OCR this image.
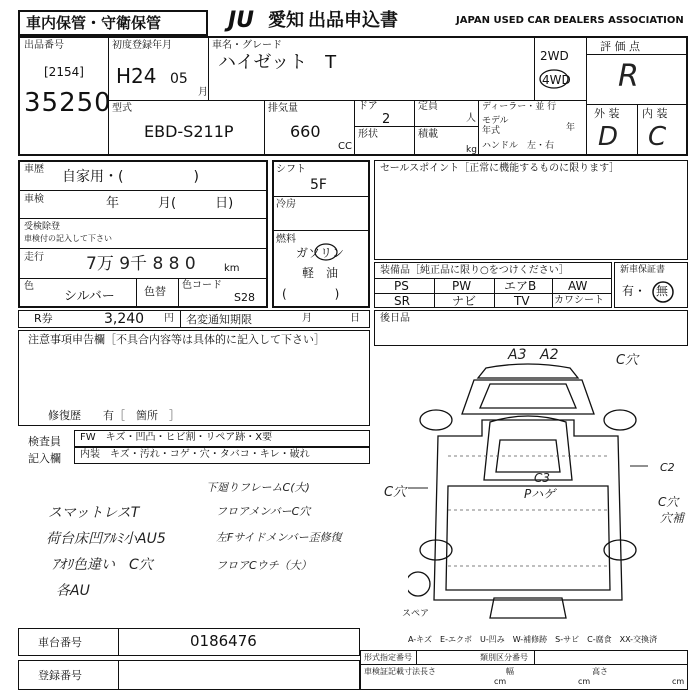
車内保管・守衛保管	JU 愛知 出品申込書	JAPAN USED CAR DEALERS ASSOCIATION
出品番号
[2154]
35250
初度登録年月
H24 05
月
車名・グレード
ハイゼット　T	2WD
4WD
評 価 点
R
外 装 内 装
D C
型式
EBD-S211P
排気量
660
CC
ドア
2
形状
定員
人
積載
kg
ディーラー・並 行
モデル
年式	年
ハンドル　左・右
車歴 自家用・(　　　　　)
車検	年　　　月(　　　日)
受検除登
車検付の記入して下さい
走行 7万 9千 8 8 0	km
色
シルバー	色替 色コード
S28
シフト
5F
冷房
燃料
ガソリン
軽　油
(　　　　)
セールスポイント［正常に機能するものに限ります］
装備品［純正品に限り○をつけください］
PS	PW	エアB	AW
SR	ナビ	TV カワシート
新車保証書
有・ 無
R券	3,240 円 名変通知期限	月	日 後日品
注意事項申告欄［不具合内容等は具体的に記入して下さい］
修復歴　　有［　箇所　］
検査員
記入欄
FW　キズ・凹凸・ヒビ割・リペア跡・X要
内装　キズ・汚れ・コゲ・穴・タバコ・キレ・破れ
スマットレスT
荷台床凹ｱﾙﾐ小AU5
ｱｵﾘ色違い　C穴
各AU
下廻りフレームC(大)
フロアメンバーC穴
左Fサイドメンバー歪修復
フロアCウチ（大）
A3 A2	C穴
C3
Pハゲ
C穴
C2
C穴
穴補
スペア
A-キズ　E-エクボ　U-凹み　W-補修跡　S-サビ　C-腐食　XX-交換済
車台番号	0186476
登録番号
形式指定番号	類別区分番号
車検証記載寸法 長さ	幅	高さ
cm	cm	cm
